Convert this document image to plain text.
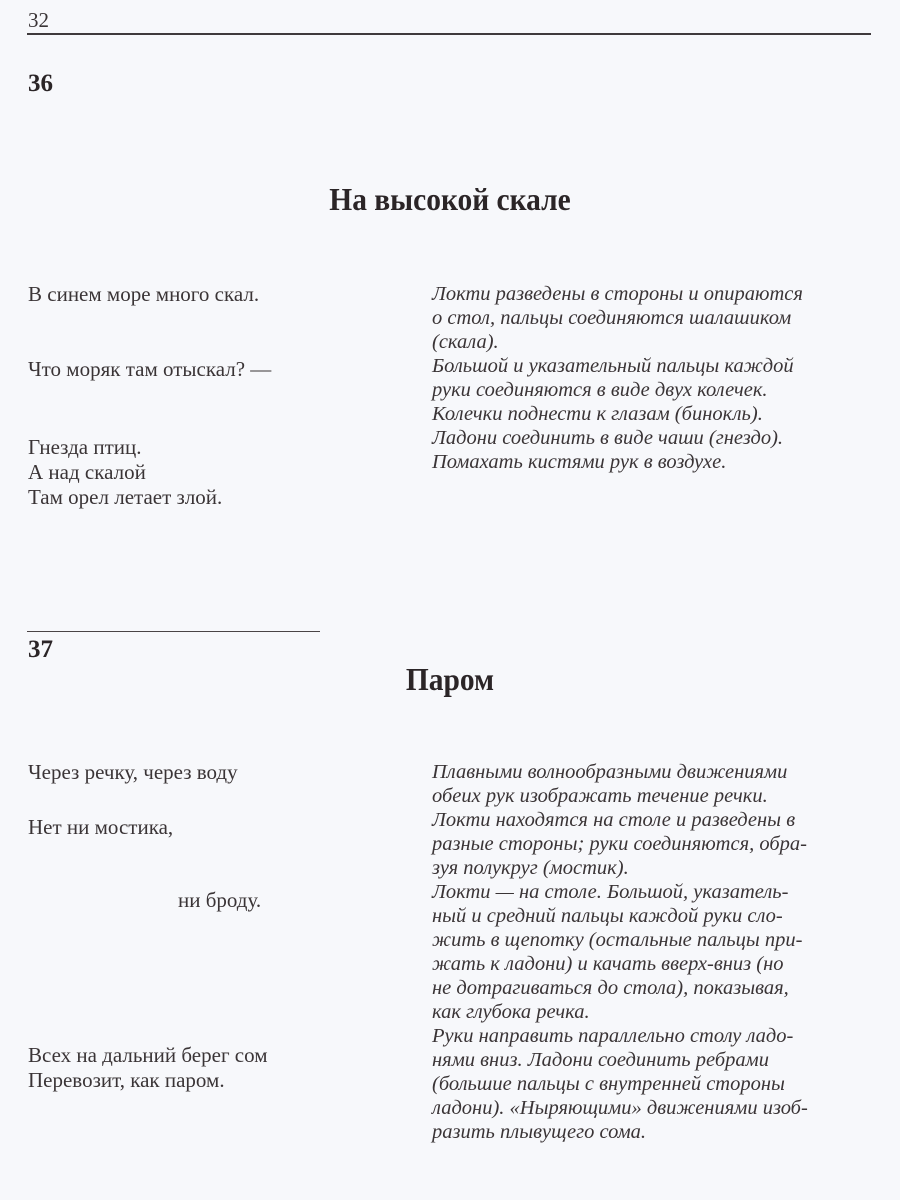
32
36
На высокой скале
В синем море много скал.
Что моряк там отыскал? —
Гнезда птиц.
А над скалой
Там орел летает злой.
Локти разведены в стороны и опираются
о стол, пальцы соединяются шалашиком
(скала).
Большой и указательный пальцы каждой
руки соединяются в виде двух колечек.
Колечки поднести к глазам (бинокль).
Ладони соединить в виде чаши (гнездо).
Помахать кистями рук в воздухе.
37
Паром
Через речку, через воду
Нет ни мостика,
ни броду.
Всех на дальний берег сом
Перевозит, как паром.
Плавными волнообразными движениями
обеих рук изображать течение речки.
Локти находятся на столе и разведены в
разные стороны; руки соединяются, обра-
зуя полукруг (мостик).
Локти — на столе. Большой, указатель-
ный и средний пальцы каждой руки сло-
жить в щепотку (остальные пальцы при-
жать к ладони) и качать вверх-вниз (но
не дотрагиваться до стола), показывая,
как глубока речка.
Руки направить параллельно столу ладо-
нями вниз. Ладони соединить ребрами
(большие пальцы с внутренней стороны
ладони). «Ныряющими» движениями изоб-
разить плывущего сома.
